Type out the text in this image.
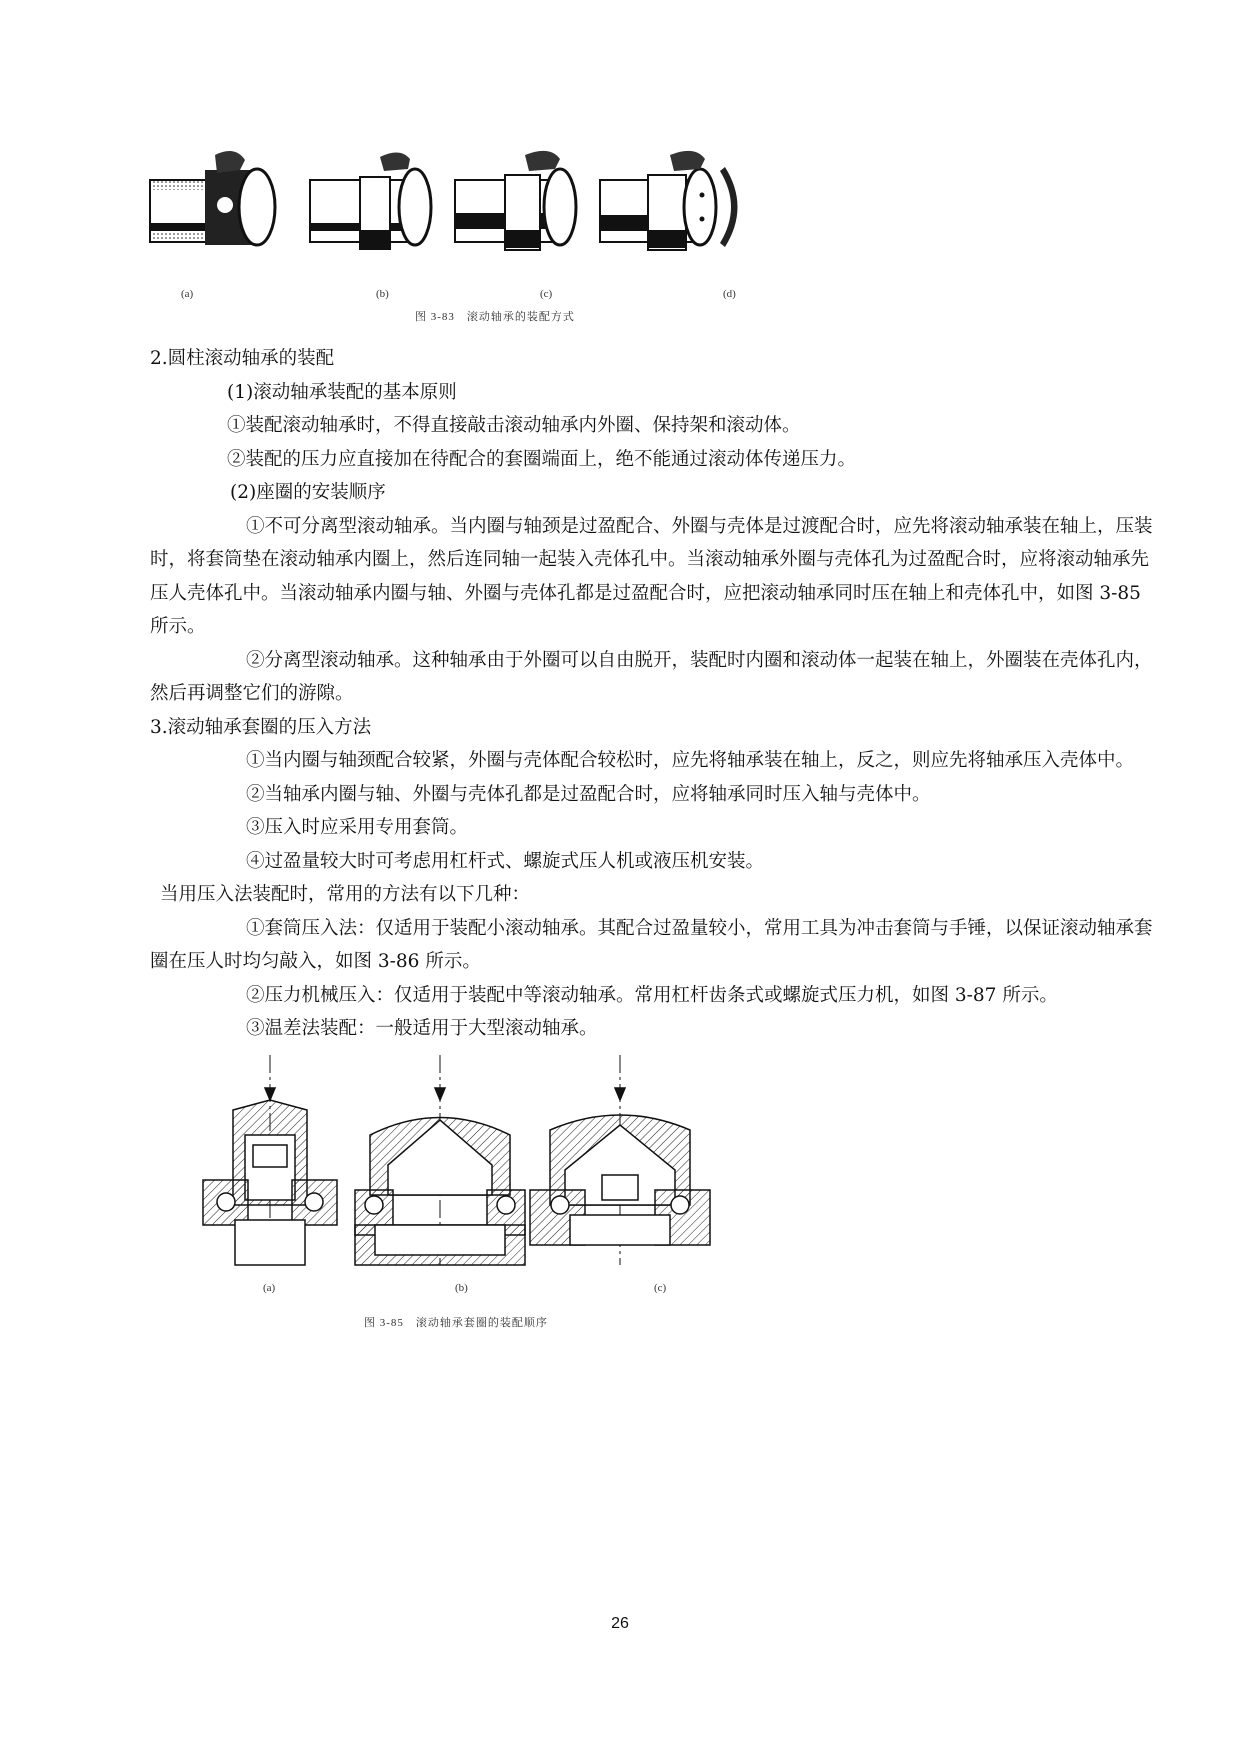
(a)	(b)	(c)	(d)
图 3-83　滚动轴承的装配方式

2.圆柱滚动轴承的装配

(1)滚动轴承装配的基本原则

①装配滚动轴承时，不得直接敲击滚动轴承内外圈、保持架和滚动体。

②装配的压力应直接加在待配合的套圈端面上，绝不能通过滚动体传递压力。

(2)座圈的安装顺序

①不可分离型滚动轴承。当内圈与轴颈是过盈配合、外圈与壳体是过渡配合时，应先将滚动轴承装在轴上，压装时，将套筒垫在滚动轴承内圈上，然后连同轴一起装入壳体孔中。当滚动轴承外圈与壳体孔为过盈配合时，应将滚动轴承先压人壳体孔中。当滚动轴承内圈与轴、外圈与壳体孔都是过盈配合时，应把滚动轴承同时压在轴上和壳体孔中，如图 3-85 所示。

②分离型滚动轴承。这种轴承由于外圈可以自由脱开，装配时内圈和滚动体一起装在轴上，外圈装在壳体孔内，然后再调整它们的游隙。

3.滚动轴承套圈的压入方法

①当内圈与轴颈配合较紧，外圈与壳体配合较松时，应先将轴承装在轴上，反之，则应先将轴承压入壳体中。

②当轴承内圈与轴、外圈与壳体孔都是过盈配合时，应将轴承同时压入轴与壳体中。

③压入时应采用专用套筒。

④过盈量较大时可考虑用杠杆式、螺旋式压人机或液压机安装。

当用压入法装配时，常用的方法有以下几种：

①套筒压入法：仅适用于装配小滚动轴承。其配合过盈量较小，常用工具为冲击套筒与手锤，以保证滚动轴承套圈在压人时均匀敲入，如图 3-86 所示。

②压力机械压入：仅适用于装配中等滚动轴承。常用杠杆齿条式或螺旋式压力机，如图 3-87 所示。

③温差法装配：一般适用于大型滚动轴承。

(a)	(b)	(c)
图 3-85　滚动轴承套圈的装配顺序
26
